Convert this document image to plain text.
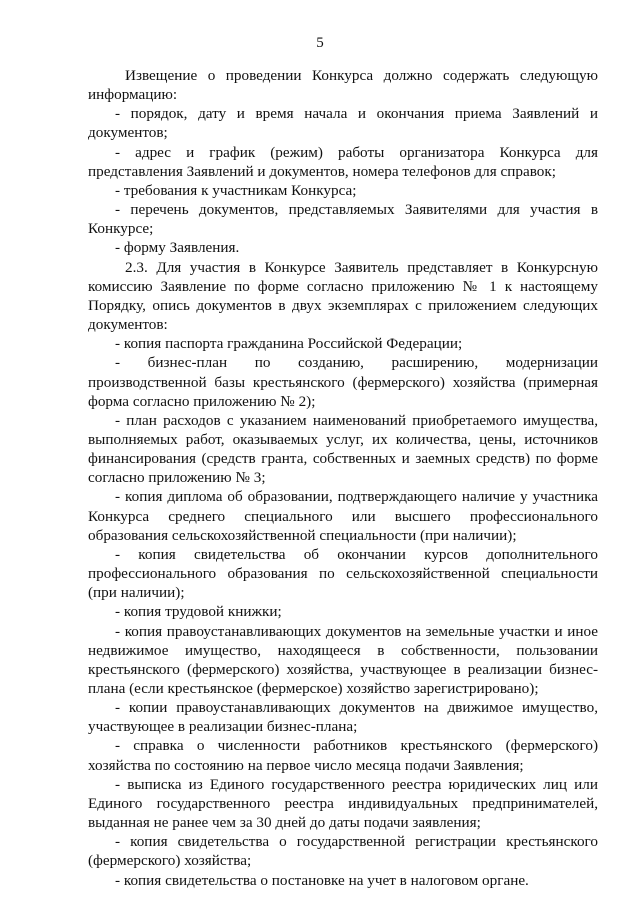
5

Извещение о проведении Конкурса должно содержать следующую информацию:

- порядок, дату и время начала и окончания приема Заявлений и документов;

- адрес и график (режим) работы организатора Конкурса для представления Заявлений и документов, номера телефонов для справок;

- требования к участникам Конкурса;

- перечень документов, представляемых Заявителями для участия в Конкурсе;

- форму Заявления.

2.3. Для участия в Конкурсе Заявитель представляет в Конкурсную комиссию Заявление по форме согласно приложению № 1 к настоящему Порядку, опись документов в двух экземплярах с приложением следующих документов:

- копия паспорта гражданина Российской Федерации;

- бизнес-план по созданию, расширению, модернизации производственной базы крестьянского (фермерского) хозяйства (примерная форма согласно приложению № 2);

- план расходов с указанием наименований приобретаемого имущества, выполняемых работ, оказываемых услуг, их количества, цены, источников финансирования (средств гранта, собственных и заемных средств) по форме согласно приложению № 3;

- копия диплома об образовании, подтверждающего наличие у участника Конкурса среднего специального или высшего профессионального образования сельскохозяйственной специальности (при наличии);

- копия свидетельства об окончании курсов дополнительного профессионального образования по сельскохозяйственной специальности (при наличии);

- копия трудовой книжки;

- копия правоустанавливающих документов на земельные участки и иное недвижимое имущество, находящееся в собственности, пользовании крестьянского (фермерского) хозяйства, участвующее в реализации бизнес-плана (если крестьянское (фермерское) хозяйство зарегистрировано);

- копии правоустанавливающих документов на движимое имущество, участвующее в реализации бизнес-плана;

- справка о численности работников крестьянского (фермерского) хозяйства по состоянию на первое число месяца подачи Заявления;

- выписка из Единого государственного реестра юридических лиц или Единого государственного реестра индивидуальных предпринимателей, выданная не ранее чем за 30 дней до даты подачи заявления;

- копия свидетельства о государственной регистрации крестьянского (фермерского) хозяйства;

- копия свидетельства о постановке на учет в налоговом органе.
